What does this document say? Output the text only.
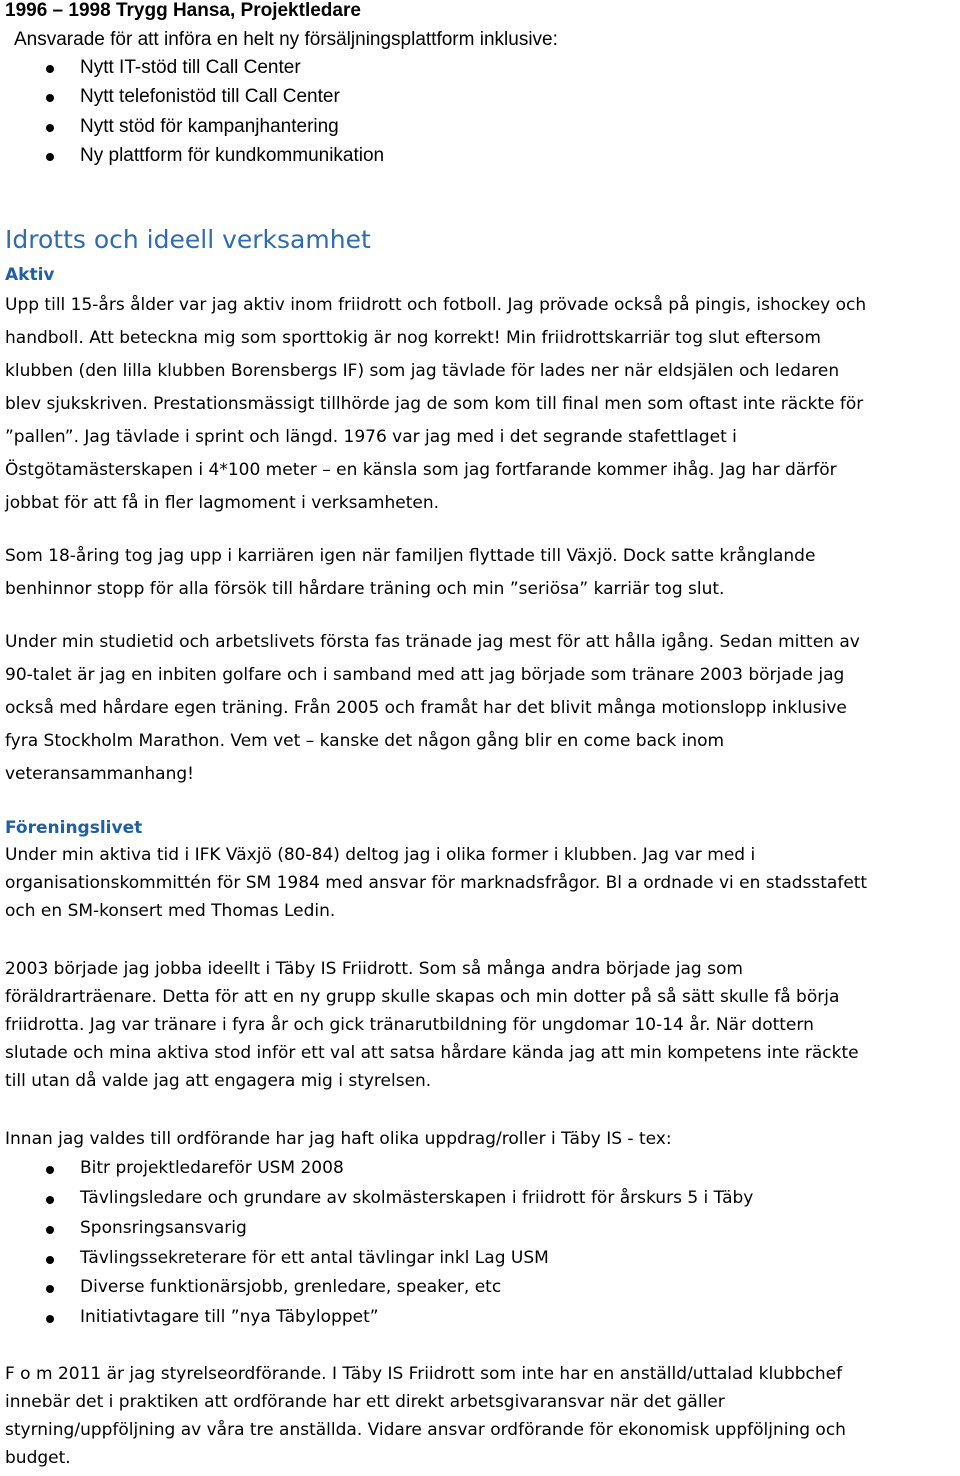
1996 – 1998 Trygg Hansa, Projektledare
Ansvarade för att införa en helt ny försäljningsplattform inklusive:
Nytt IT-stöd till Call Center
Nytt telefonistöd till Call Center
Nytt stöd för kampanjhantering
Ny plattform för kundkommunikation
Idrotts och ideell verksamhet
Aktiv
Upp till 15-års ålder var jag aktiv inom friidrott och fotboll. Jag prövade också på pingis, ishockey och
handboll. Att beteckna mig som sporttokig är nog korrekt! Min friidrottskarriär tog slut eftersom
klubben (den lilla klubben Borensbergs IF) som jag tävlade för lades ner när eldsjälen och ledaren
blev sjukskriven. Prestationsmässigt tillhörde jag de som kom till final men som oftast inte räckte för
”pallen”. Jag tävlade i sprint och längd. 1976 var jag med i det segrande stafettlaget i
Östgötamästerskapen i 4*100 meter – en känsla som jag fortfarande kommer ihåg. Jag har därför
jobbat för att få in fler lagmoment i verksamheten.
Som 18-åring tog jag upp i karriären igen när familjen flyttade till Växjö. Dock satte krånglande
benhinnor stopp för alla försök till hårdare träning och min ”seriösa” karriär tog slut.
Under min studietid och arbetslivets första fas tränade jag mest för att hålla igång. Sedan mitten av
90-talet är jag en inbiten golfare och i samband med att jag började som tränare 2003 började jag
också med hårdare egen träning. Från 2005 och framåt har det blivit många motionslopp inklusive
fyra Stockholm Marathon. Vem vet – kanske det någon gång blir en come back inom
veteransammanhang!
Föreningslivet
Under min aktiva tid i IFK Växjö (80-84) deltog jag i olika former i klubben. Jag var med i
organisationskommittén för SM 1984 med ansvar för marknadsfrågor. Bl a ordnade vi en stadsstafett
och en SM-konsert med Thomas Ledin.
2003 började jag jobba ideellt i Täby IS Friidrott. Som så många andra började jag som
föräldrarträenare. Detta för att en ny grupp skulle skapas och min dotter på så sätt skulle få börja
friidrotta. Jag var tränare i fyra år och gick tränarutbildning för ungdomar 10-14 år. När dottern
slutade och mina aktiva stod inför ett val att satsa hårdare kända jag att min kompetens inte räckte
till utan då valde jag att engagera mig i styrelsen.
Innan jag valdes till ordförande har jag haft olika uppdrag/roller i Täby IS - tex:
Bitr projektledareför USM 2008
Tävlingsledare och grundare av skolmästerskapen i friidrott för årskurs 5 i Täby
Sponsringsansvarig
Tävlingssekreterare för ett antal tävlingar inkl Lag USM
Diverse funktionärsjobb, grenledare, speaker, etc
Initiativtagare till ”nya Täbyloppet”
F o m 2011 är jag styrelseordförande. I Täby IS Friidrott som inte har en anställd/uttalad klubbchef
innebär det i praktiken att ordförande har ett direkt arbetsgivaransvar när det gäller
styrning/uppföljning av våra tre anställda. Vidare ansvar ordförande för ekonomisk uppföljning och
budget.
